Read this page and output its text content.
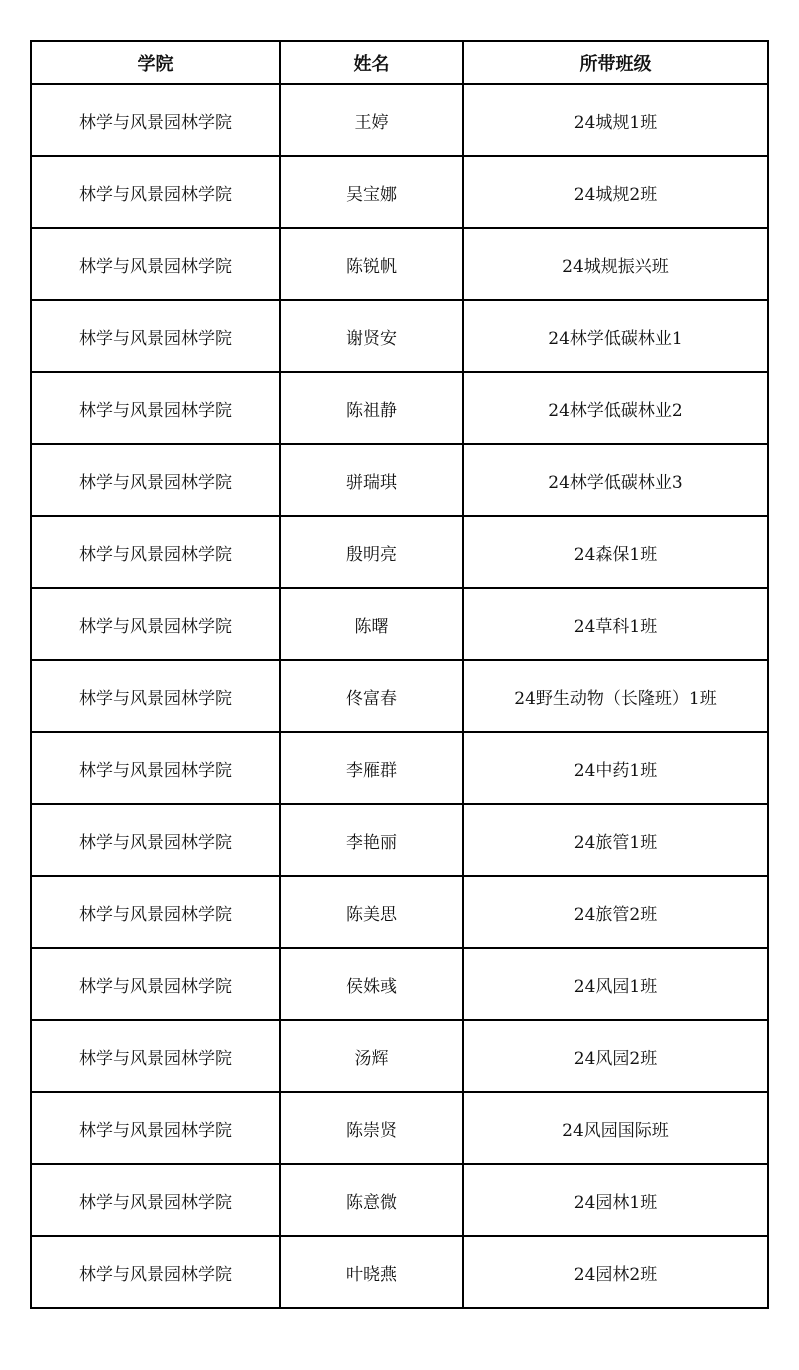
学院	姓名	所带班级
林学与风景园林学院	王婷	24城规1班
林学与风景园林学院	吴宝娜	24城规2班
林学与风景园林学院	陈锐帆	24城规振兴班
林学与风景园林学院	谢贤安	24林学低碳林业1
林学与风景园林学院	陈祖静	24林学低碳林业2
林学与风景园林学院	骈瑞琪	24林学低碳林业3
林学与风景园林学院	殷明亮	24森保1班
林学与风景园林学院	陈曙	24草科1班
林学与风景园林学院	佟富春	24野生动物（长隆班）1班
林学与风景园林学院	李雁群	24中药1班
林学与风景园林学院	李艳丽	24旅管1班
林学与风景园林学院	陈美思	24旅管2班
林学与风景园林学院	侯姝彧	24风园1班
林学与风景园林学院	汤辉	24风园2班
林学与风景园林学院	陈崇贤	24风园国际班
林学与风景园林学院	陈意微	24园林1班
林学与风景园林学院	叶晓燕	24园林2班
